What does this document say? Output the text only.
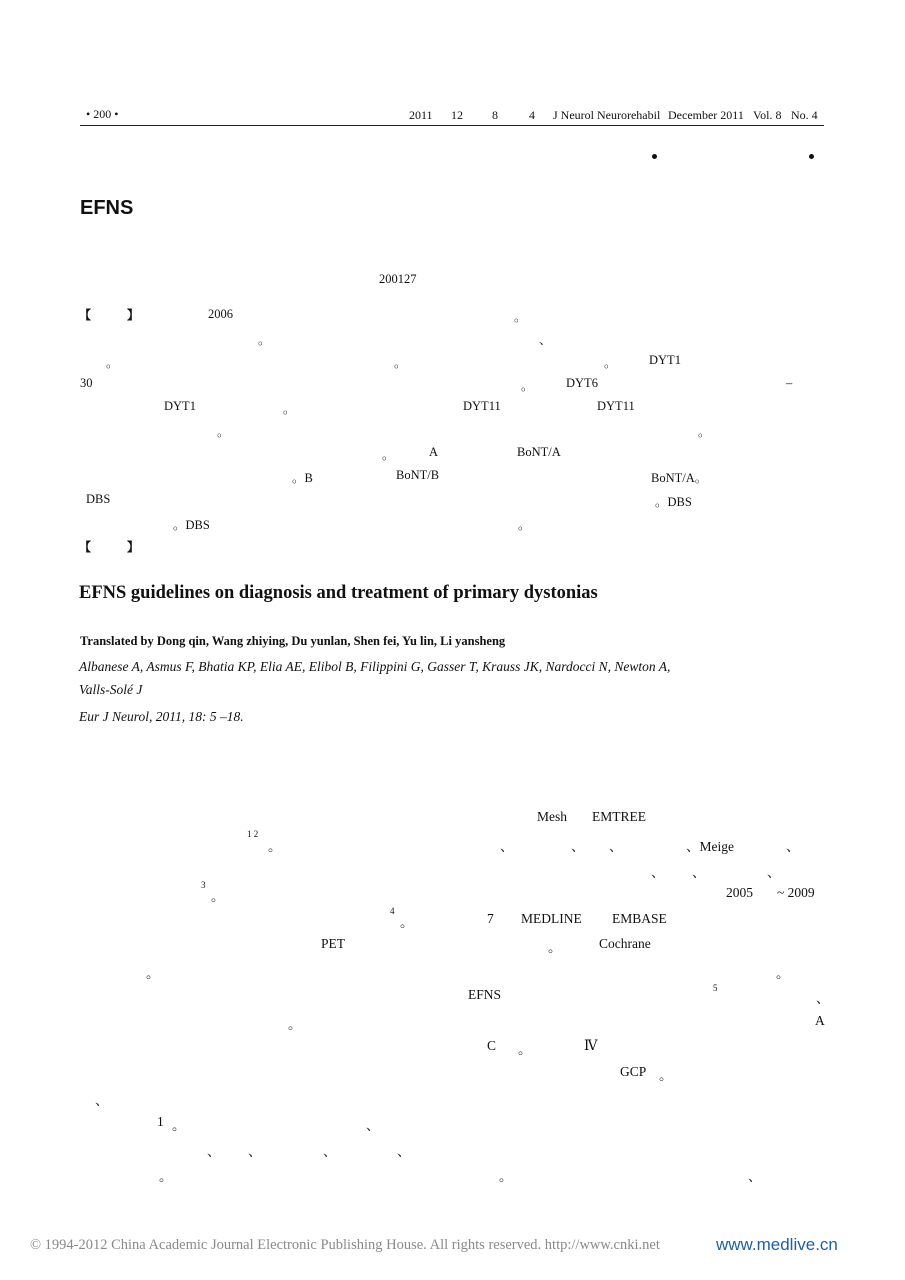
• 200 •	2011 12 8	4 J Neurol Neurorehabil December 2011 Vol. 8 No. 4
EFNS
200127
【	】	2006	。
。	、
。	。	。	DYT1
30	。	DYT6	–
DYT1	。	DYT11	DYT11
。	。
。	A	BoNT/A
。B	BoNT/B	BoNT/A。
DBS	。DBS
。DBS	。
【	】
EFNS guidelines on diagnosis and treatment of primary dystonias
Translated by Dong qin, Wang zhiying, Du yunlan, Shen fei, Yu lin, Li yansheng
Albanese A, Asmus F, Bhatia KP, Elia AE, Elibol B, Filippini G, Gasser T, Krauss JK, Nardocci N, Newton A,
Valls-Solé J
Eur J Neurol, 2011, 18: 5 –18.
Mesh EMTREE
1 2
。	、	、 、	、Meige	、
、 、	、
3
。	2005 ~ 2009
4
。	7 MEDLINE EMBASE
PET	。	Cochrane
。	。
EFNS	5
、
。	A
C 。	Ⅳ
GCP 。
、
1 。	、
、 、	、	、
。	。	、
© 1994-2012 China Academic Journal Electronic Publishing House. All rights reserved. http://www.cnki.net	www.medlive.cn
